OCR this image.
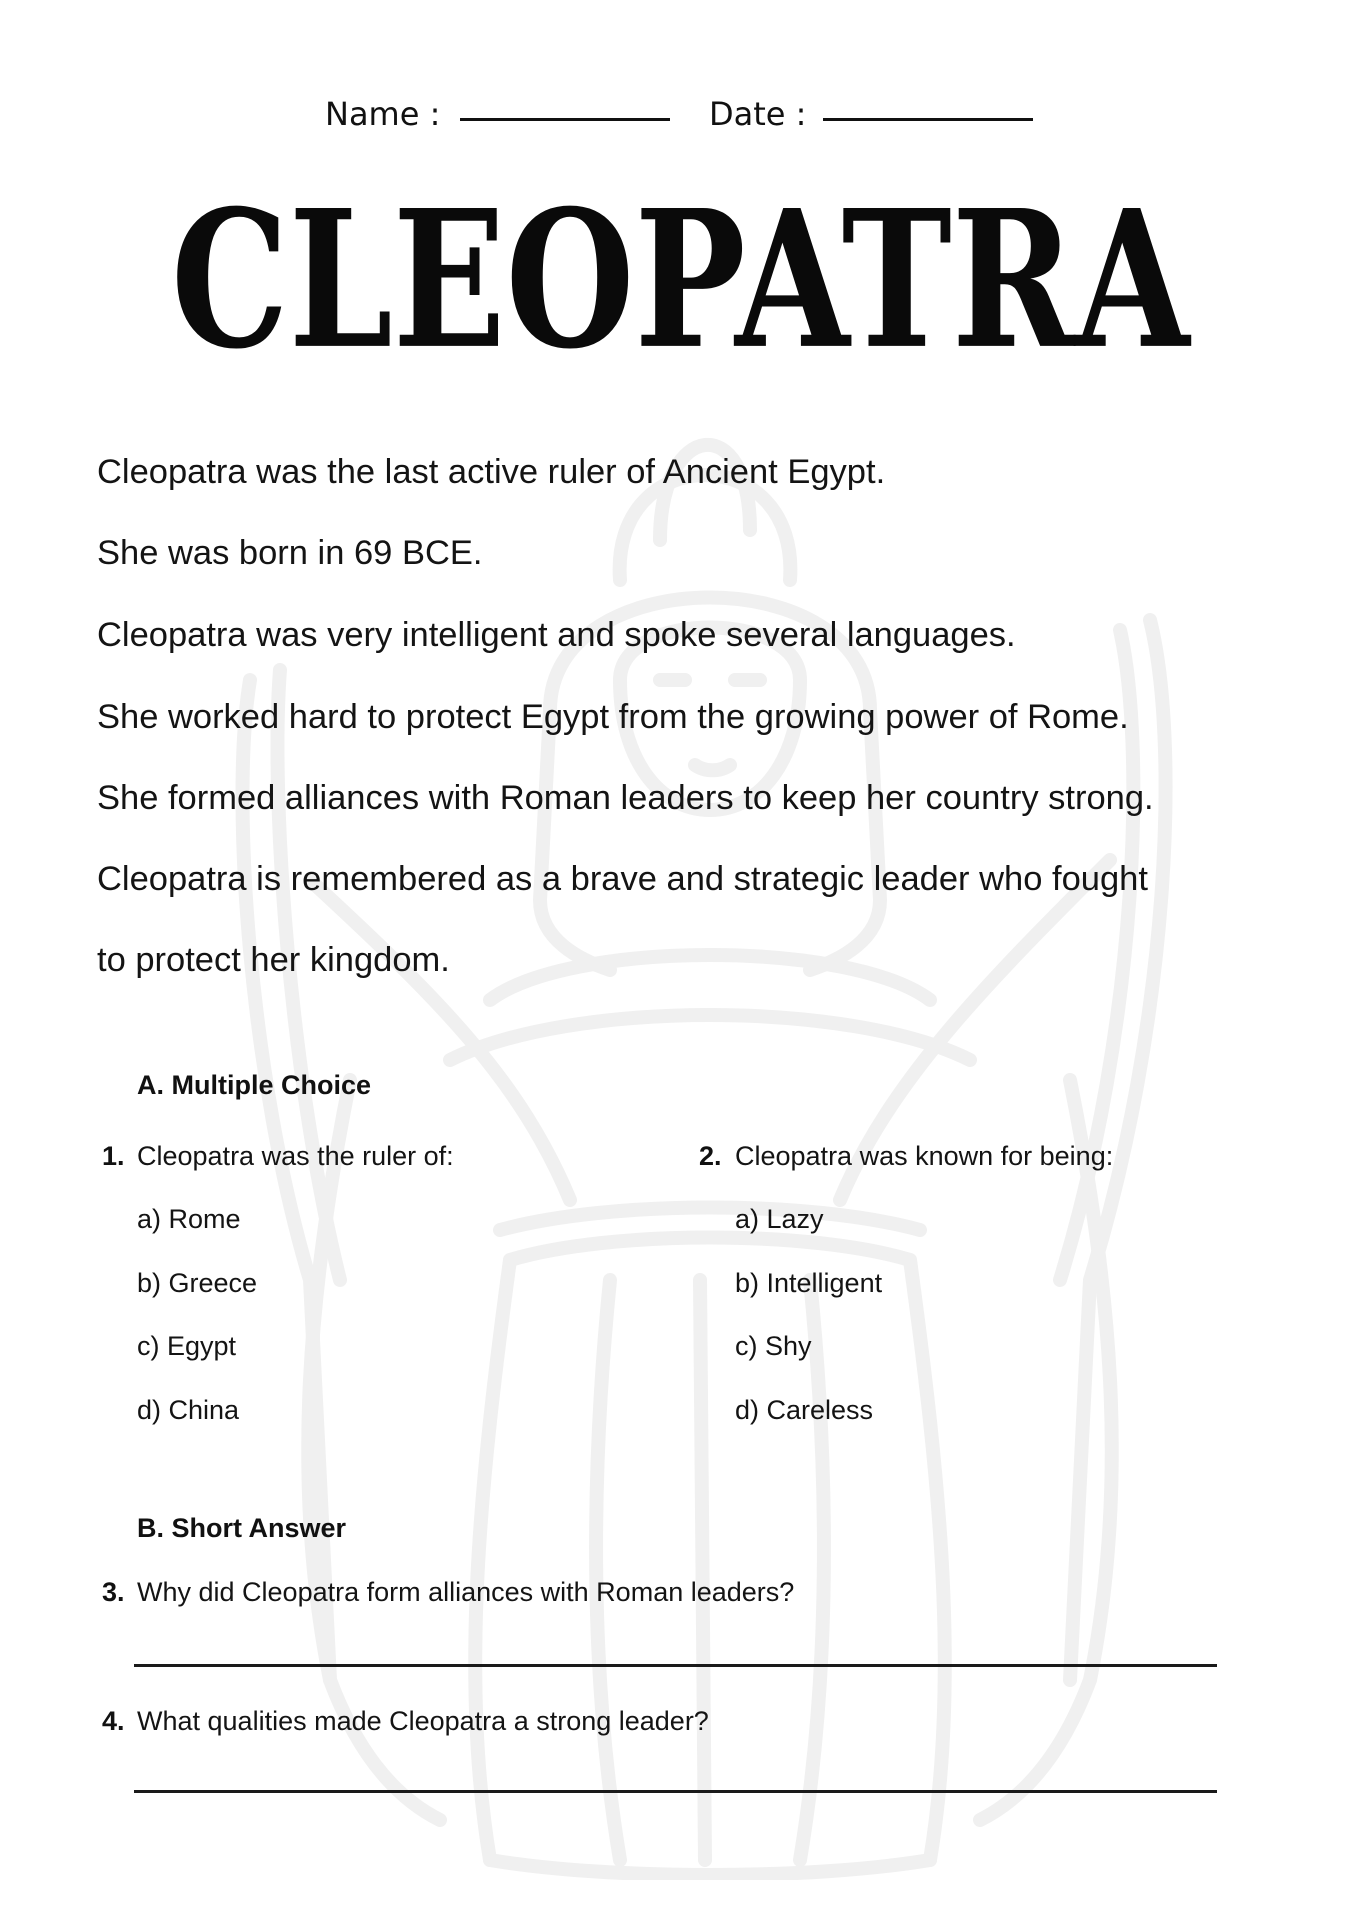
Name :	Date :
CLEOPATRA
Cleopatra was the last active ruler of Ancient Egypt.
She was born in 69 BCE.
Cleopatra was very intelligent and spoke several languages.
She worked hard to protect Egypt from the growing power of Rome.
She formed alliances with Roman leaders to keep her country strong.
Cleopatra is remembered as a brave and strategic leader who fought
to protect her kingdom.
A. Multiple Choice
1. Cleopatra was the ruler of:
a) Rome
b) Greece
c) Egypt
d) China
2. Cleopatra was known for being:
a) Lazy
b) Intelligent
c) Shy
d) Careless
B. Short Answer
3. Why did Cleopatra form alliances with Roman leaders?
4. What qualities made Cleopatra a strong leader?
